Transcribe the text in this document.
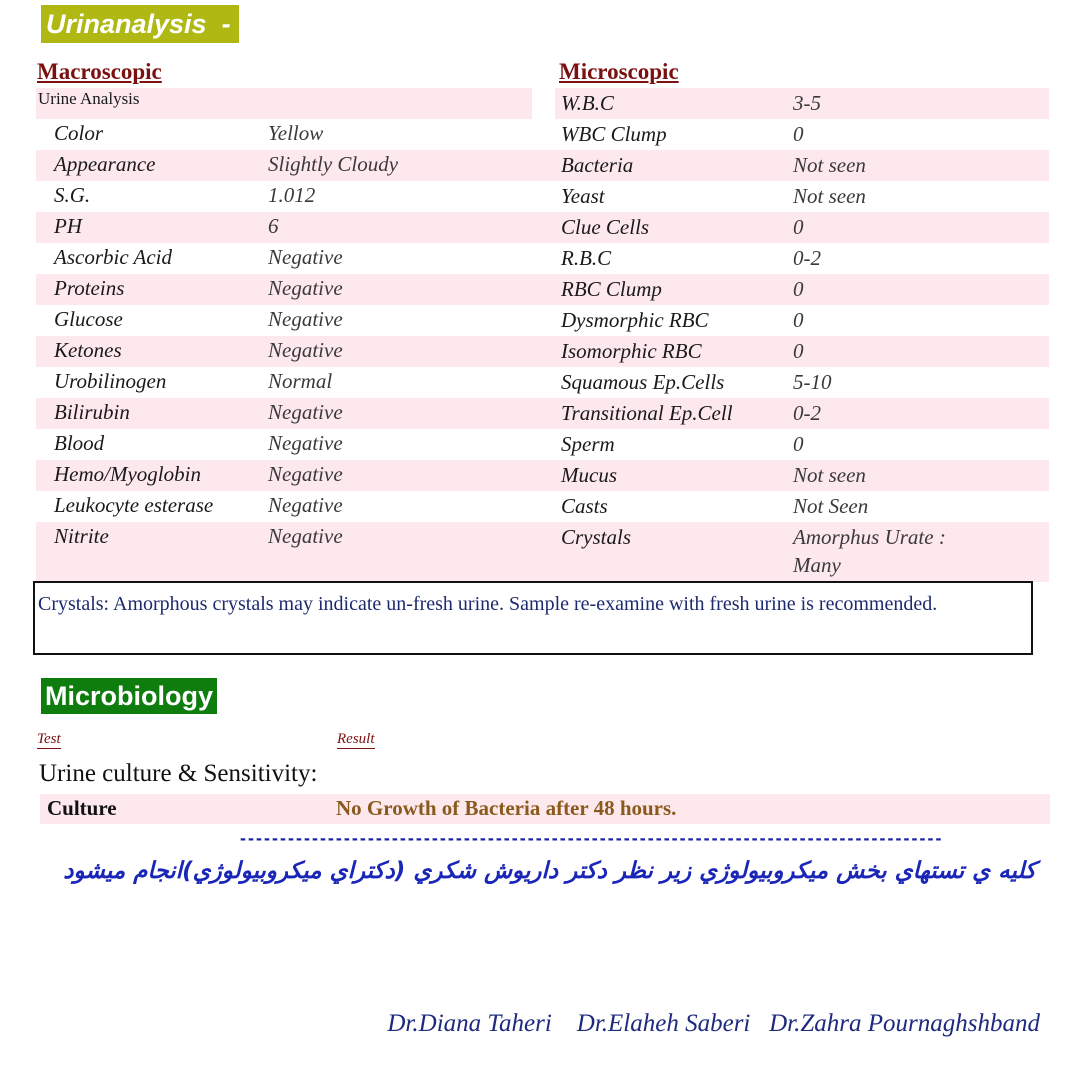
Urinanalysis  -
Macroscopic	Microscopic
Urine Analysis
Color	Yellow
Appearance	Slightly Cloudy
S.G.	1.012
PH	6
Ascorbic Acid	Negative
Proteins	Negative
Glucose	Negative
Ketones	Negative
Urobilinogen	Normal
Bilirubin	Negative
Blood	Negative
Hemo/Myoglobin	Negative
Leukocyte esterase	Negative
Nitrite	Negative
W.B.C	3-5
WBC Clump	0
Bacteria	Not seen
Yeast	Not seen
Clue Cells	0
R.B.C	0-2
RBC Clump	0
Dysmorphic RBC	0
Isomorphic RBC	0
Squamous Ep.Cells	5-10
Transitional Ep.Cell	0-2
Sperm	0
Mucus	Not seen
Casts	Not Seen
Crystals	Amorphus Urate :
Many
Crystals: Amorphous crystals may indicate un-fresh urine. Sample re-examine with fresh urine is recommended.
Microbiology
Test	Result
Urine culture & Sensitivity:
Culture	No Growth of Bacteria after 48 hours.
----------------------------------------------------------------------------------------
كليه ي تستهاي بخش ميكروبيولوژي زير نظر دكتر داريوش شكري (دكتراي ميكروبيولوژي)انجام ميشود
Dr.Diana Taheri    Dr.Elaheh Saberi   Dr.Zahra Pournaghshband
